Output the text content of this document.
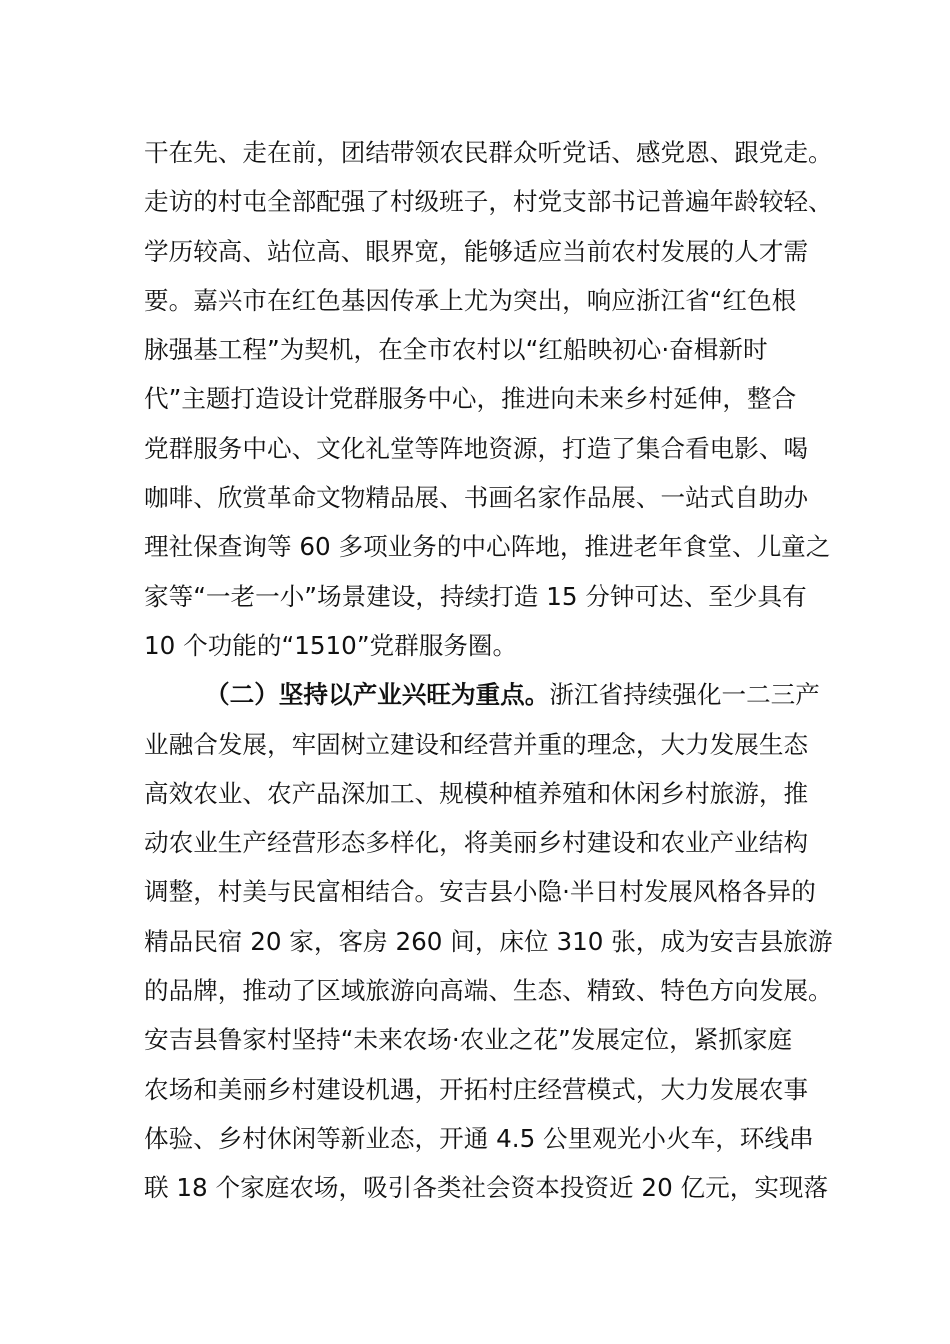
干在先、走在前，团结带领农民群众听党话、感党恩、跟党走。
走访的村屯全部配强了村级班子，村党支部书记普遍年龄较轻、
学历较高、站位高、眼界宽，能够适应当前农村发展的人才需
要。嘉兴市在红色基因传承上尤为突出，响应浙江省“红色根
脉强基工程”为契机，在全市农村以“红船映初心·奋楫新时
代”主题打造设计党群服务中心，推进向未来乡村延伸，整合
党群服务中心、文化礼堂等阵地资源，打造了集合看电影、喝
咖啡、欣赏革命文物精品展、书画名家作品展、一站式自助办
理社保查询等 60 多项业务的中心阵地，推进老年食堂、儿童之
家等“一老一小”场景建设，持续打造 15 分钟可达、至少具有
10 个功能的“1510”党群服务圈。
（二）坚持以产业兴旺为重点。浙江省持续强化一二三产
业融合发展，牢固树立建设和经营并重的理念，大力发展生态
高效农业、农产品深加工、规模种植养殖和休闲乡村旅游，推
动农业生产经营形态多样化，将美丽乡村建设和农业产业结构
调整，村美与民富相结合。安吉县小隐·半日村发展风格各异的
精品民宿 20 家，客房 260 间，床位 310 张，成为安吉县旅游
的品牌，推动了区域旅游向高端、生态、精致、特色方向发展。
安吉县鲁家村坚持“未来农场·农业之花”发展定位，紧抓家庭
农场和美丽乡村建设机遇，开拓村庄经营模式，大力发展农事
体验、乡村休闲等新业态，开通 4.5 公里观光小火车，环线串
联 18 个家庭农场，吸引各类社会资本投资近 20 亿元，实现落
